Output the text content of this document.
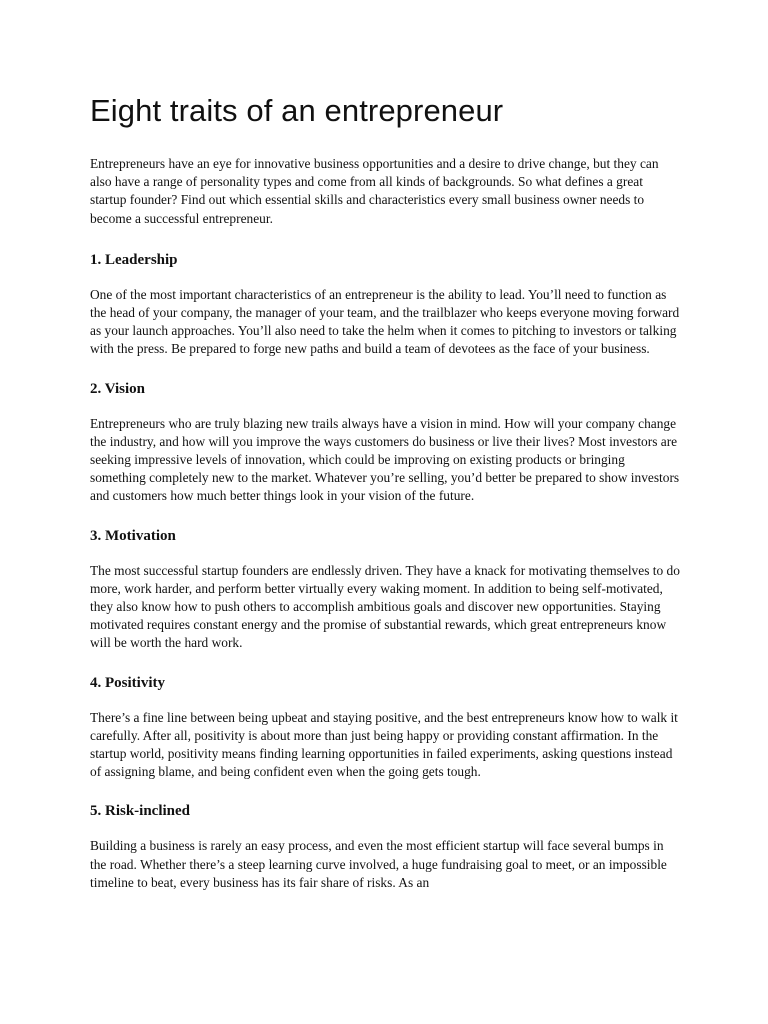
Eight traits of an entrepreneur

Entrepreneurs have an eye for innovative business opportunities and a desire to drive change, but they can also have a range of personality types and come from all kinds of backgrounds. So what defines a great startup founder? Find out which essential skills and characteristics every small business owner needs to become a successful entrepreneur.

1. Leadership

One of the most important characteristics of an entrepreneur is the ability to lead. You’ll need to function as the head of your company, the manager of your team, and the trailblazer who keeps everyone moving forward as your launch approaches. You’ll also need to take the helm when it comes to pitching to investors or talking with the press. Be prepared to forge new paths and build a team of devotees as the face of your business.

2. Vision

Entrepreneurs who are truly blazing new trails always have a vision in mind. How will your company change the industry, and how will you improve the ways customers do business or live their lives? Most investors are seeking impressive levels of innovation, which could be improving on existing products or bringing something completely new to the market. Whatever you’re selling, you’d better be prepared to show investors and customers how much better things look in your vision of the future.

3. Motivation

The most successful startup founders are endlessly driven. They have a knack for motivating themselves to do more, work harder, and perform better virtually every waking moment. In addition to being self-motivated, they also know how to push others to accomplish ambitious goals and discover new opportunities. Staying motivated requires constant energy and the promise of substantial rewards, which great entrepreneurs know will be worth the hard work.

4. Positivity

There’s a fine line between being upbeat and staying positive, and the best entrepreneurs know how to walk it carefully. After all, positivity is about more than just being happy or providing constant affirmation. In the startup world, positivity means finding learning opportunities in failed experiments, asking questions instead of assigning blame, and being confident even when the going gets tough.

5. Risk-inclined

Building a business is rarely an easy process, and even the most efficient startup will face several bumps in the road. Whether there’s a steep learning curve involved, a huge fundraising goal to meet, or an impossible timeline to beat, every business has its fair share of risks. As an
